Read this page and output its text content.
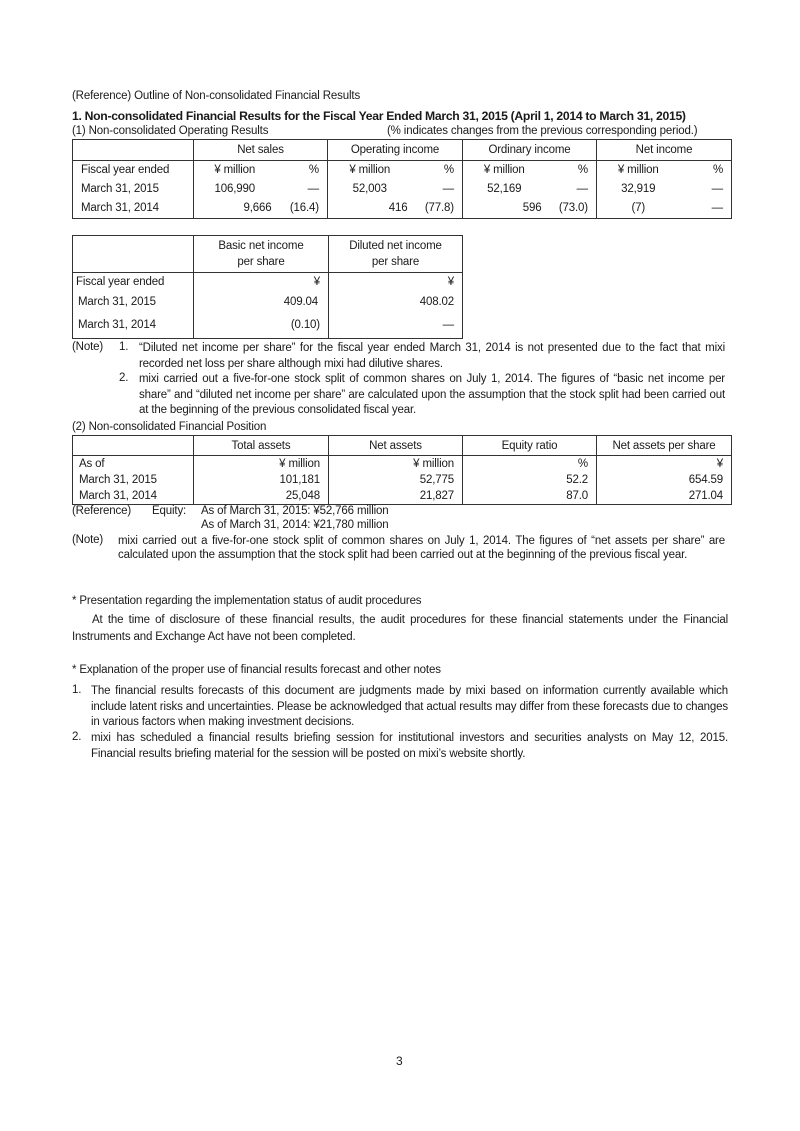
(Reference) Outline of Non-consolidated Financial Results
1. Non-consolidated Financial Results for the Fiscal Year Ended March 31, 2015 (April 1, 2014 to March 31, 2015)
(1) Non-consolidated Operating Results	(% indicates changes from the previous corresponding period.)
	Net sales		Operating income		Ordinary income		Net income	
Fiscal year ended	¥ million	%	¥ million	%	¥ million	%	¥ million	%
March 31, 2015	106,990	—	52,003	—	52,169	—	32,919	—
March 31, 2014	9,666	(16.4)	416	(77.8)	596	(73.0)	(7)	—

Basic net income
per share

Diluted net income
per share

Fiscal year ended	¥	¥
March 31, 2015	409.04	408.02
March 31, 2014	(0.10)	—
(Note) 1. “Diluted net income per share” for the fiscal year ended March 31, 2014 is not presented due to the fact that mixi recorded net loss per share although mixi had dilutive shares.
2. mixi carried out a five-for-one stock split of common shares on July 1, 2014. The figures of “basic net income per share” and “diluted net income per share” are calculated upon the assumption that the stock split had been carried out at the beginning of the previous consolidated fiscal year.
(2) Non-consolidated Financial Position
	Total assets	Net assets	Equity ratio	Net assets per share
As of	¥ million	¥ million	%	¥
March 31, 2015	101,181	52,775	52.2	654.59
March 31, 2014	25,048	21,827	87.0	271.04
(Reference) Equity: As of March 31, 2015: ¥52,766 million
As of March 31, 2014: ¥21,780 million
(Note) mixi carried out a five-for-one stock split of common shares on July 1, 2014. The figures of “net assets per share” are calculated upon the assumption that the stock split had been carried out at the beginning of the previous fiscal year.
* Presentation regarding the implementation status of audit procedures
At the time of disclosure of these financial results, the audit procedures for these financial statements under the Financial Instruments and Exchange Act have not been completed.
* Explanation of the proper use of financial results forecast and other notes
1. The financial results forecasts of this document are judgments made by mixi based on information currently available which include latent risks and uncertainties. Please be acknowledged that actual results may differ from these forecasts due to changes in various factors when making investment decisions.
2. mixi has scheduled a financial results briefing session for institutional investors and securities analysts on May 12, 2015. Financial results briefing material for the session will be posted on mixi’s website shortly.
3
